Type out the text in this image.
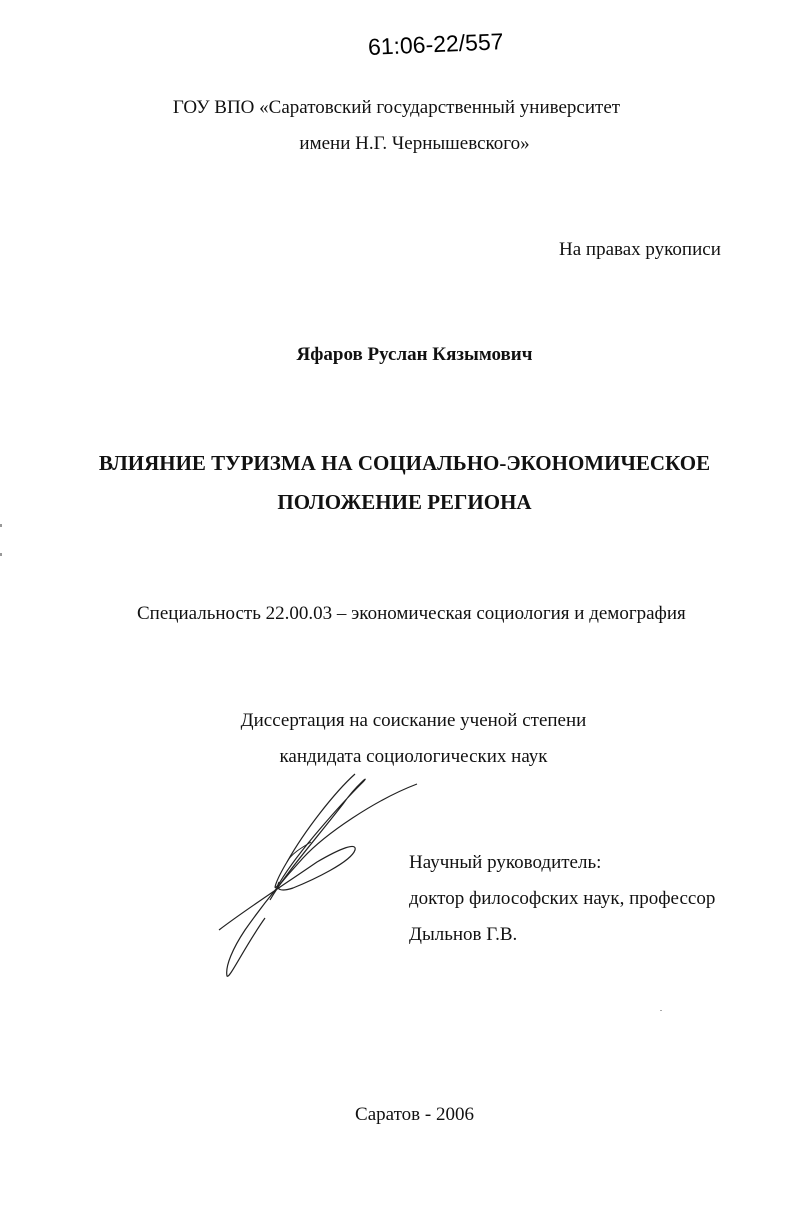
61:06-22/557
ГОУ ВПО «Саратовский государственный университет
имени Н.Г. Чернышевского»
На правах рукописи
Яфаров Руслан Кязымович
ВЛИЯНИЕ ТУРИЗМА НА СОЦИАЛЬНО-ЭКОНОМИЧЕСКОЕ
ПОЛОЖЕНИЕ РЕГИОНА
Специальность 22.00.03 – экономическая социология и демография
Диссертация на соискание ученой степени
кандидата социологических наук
Научный руководитель:
доктор философских наук, профессор
Дыльнов Г.В.
Саратов - 2006
